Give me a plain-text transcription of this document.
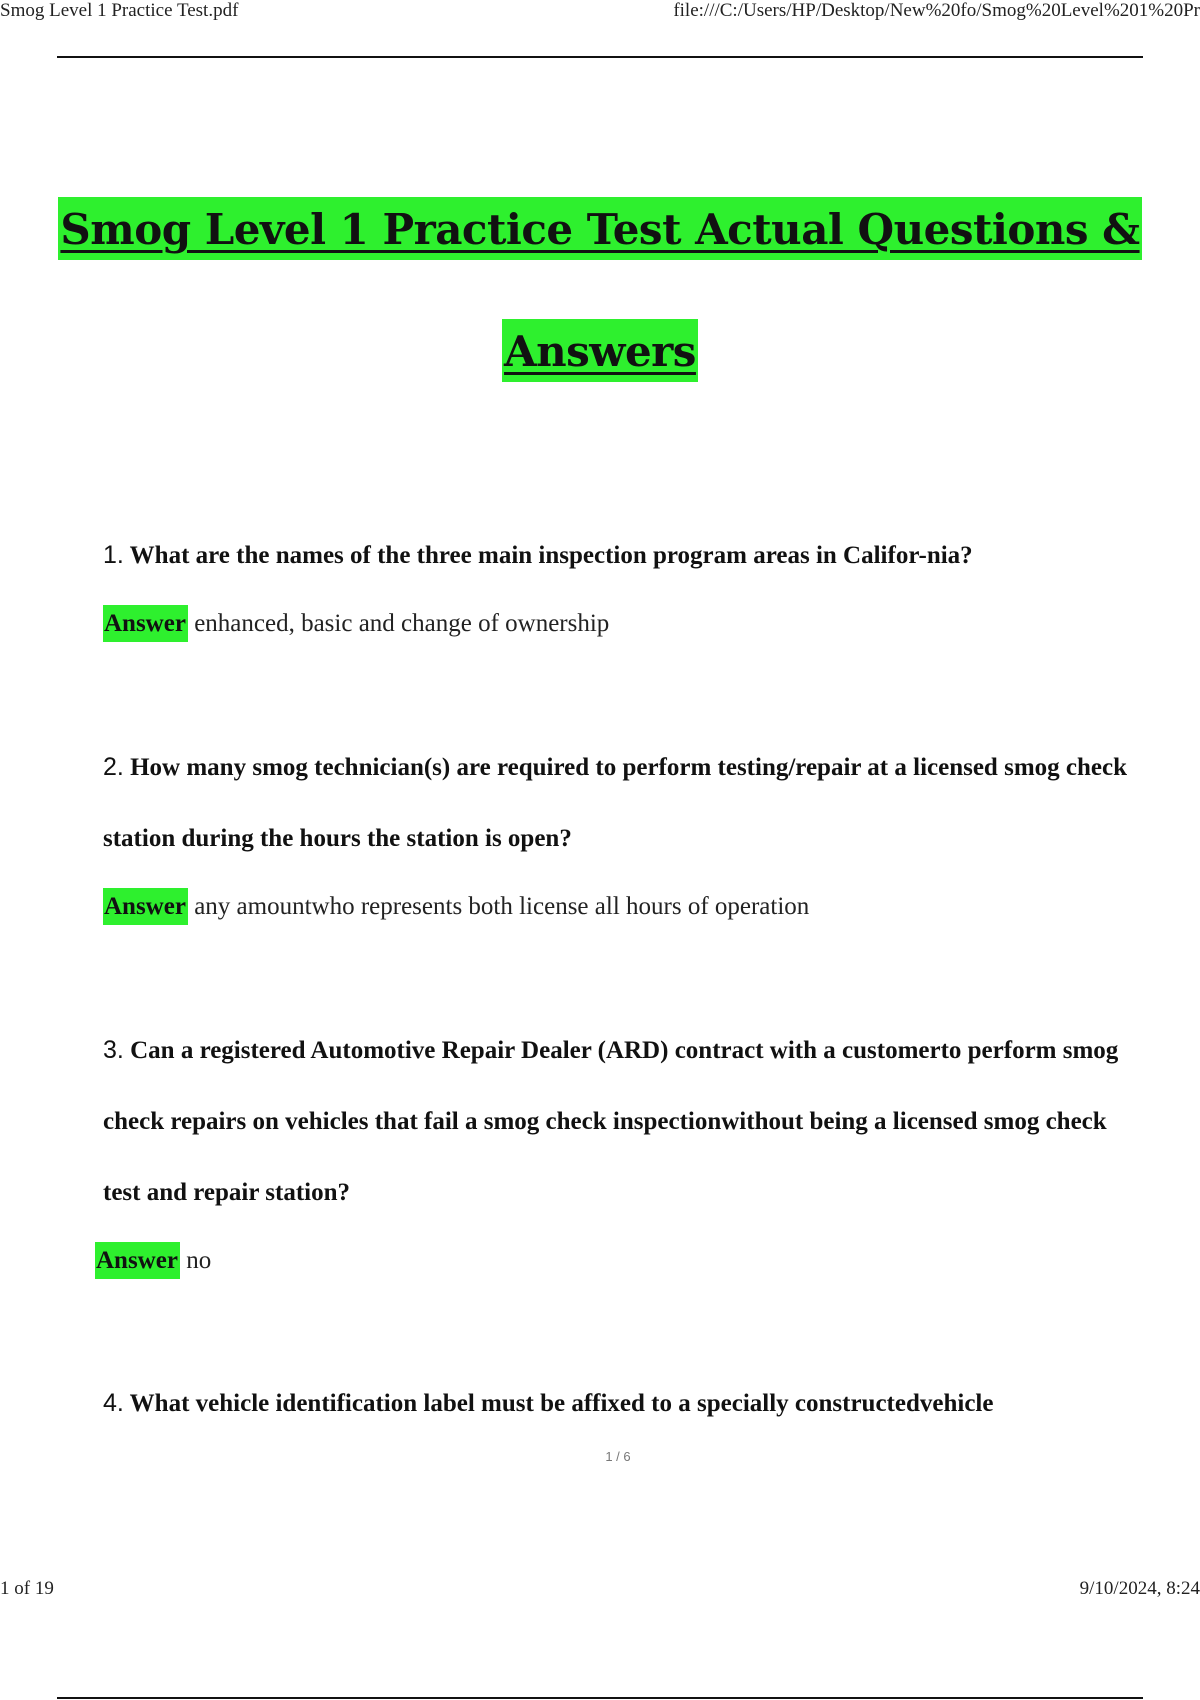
Smog Level 1 Practice Test.pdf	file:///C:/Users/HP/Desktop/New%20fo/Smog%20Level%201%20Pr
Smog Level 1 Practice Test Actual Questions &
Answers
1. What are the names of the three main inspection program areas in Califor-nia?
Answer enhanced, basic and change of ownership
2. How many smog technician(s) are required to perform testing/repair at a licensed smog check station during the hours the station is open?
Answer any amountwho represents both license all hours of operation
3. Can a registered Automotive Repair Dealer (ARD) contract with a customerto perform smog check repairs on vehicles that fail a smog check inspectionwithout being a licensed smog check test and repair station?
Answer no
4. What vehicle identification label must be affixed to a specially constructedvehicle
1 / 6
1 of 19	9/10/2024, 8:24
